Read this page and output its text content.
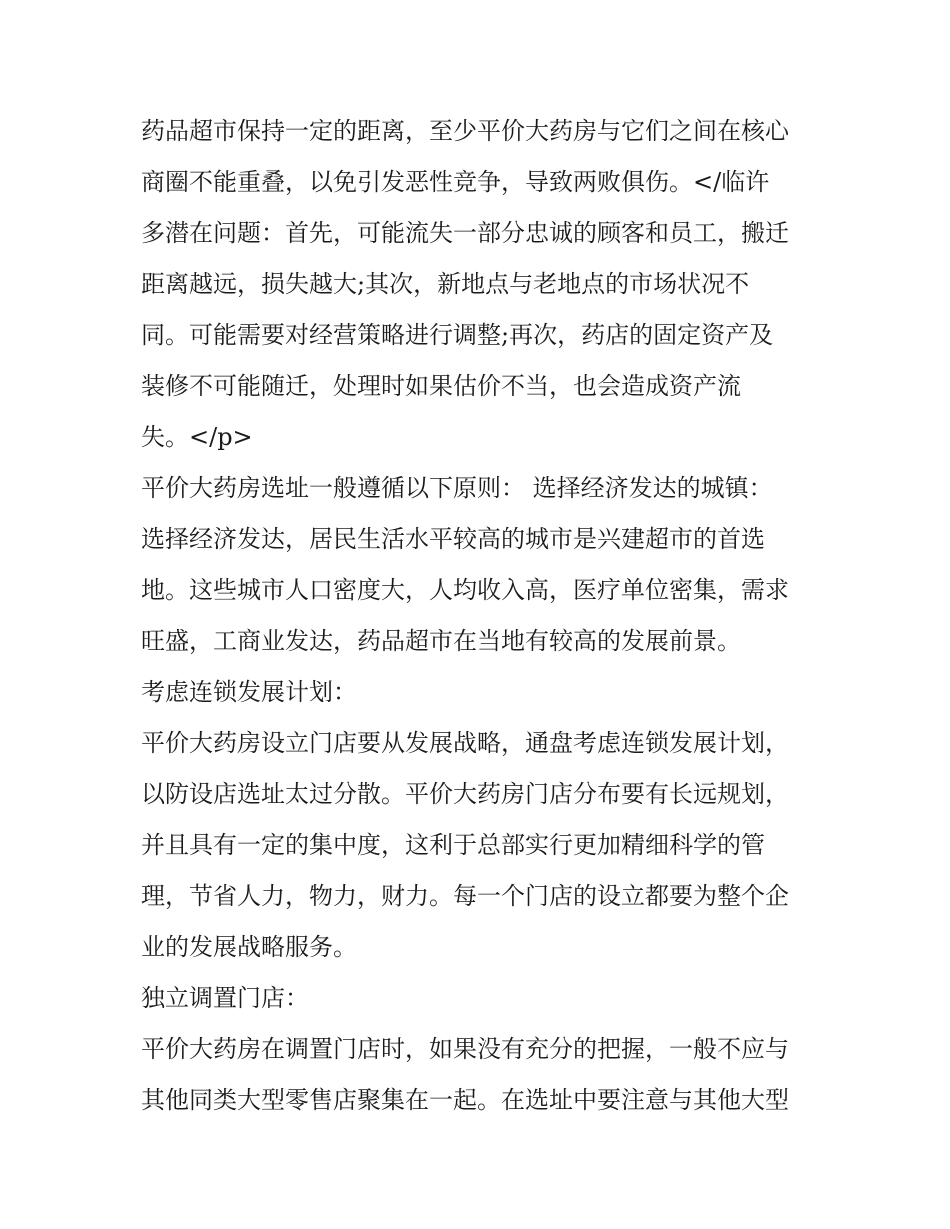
药品超市保持一定的距离，至少平价大药房与它们之间在核心
商圈不能重叠，以免引发恶性竞争，导致两败俱伤。</临许
多潜在问题：首先，可能流失一部分忠诚的顾客和员工，搬迁
距离越远，损失越大;其次，新地点与老地点的市场状况不
同。可能需要对经营策略进行调整;再次，药店的固定资产及
装修不可能随迁，处理时如果估价不当，也会造成资产流
失。</p>
平价大药房选址一般遵循以下原则： 选择经济发达的城镇：
选择经济发达，居民生活水平较高的城市是兴建超市的首选
地。这些城市人口密度大，人均收入高，医疗单位密集，需求
旺盛，工商业发达，药品超市在当地有较高的发展前景。
考虑连锁发展计划：
平价大药房设立门店要从发展战略，通盘考虑连锁发展计划，
以防设店选址太过分散。平价大药房门店分布要有长远规划，
并且具有一定的集中度，这利于总部实行更加精细科学的管
理，节省人力，物力，财力。每一个门店的设立都要为整个企
业的发展战略服务。
独立调置门店：
平价大药房在调置门店时，如果没有充分的把握，一般不应与
其他同类大型零售店聚集在一起。在选址中要注意与其他大型
